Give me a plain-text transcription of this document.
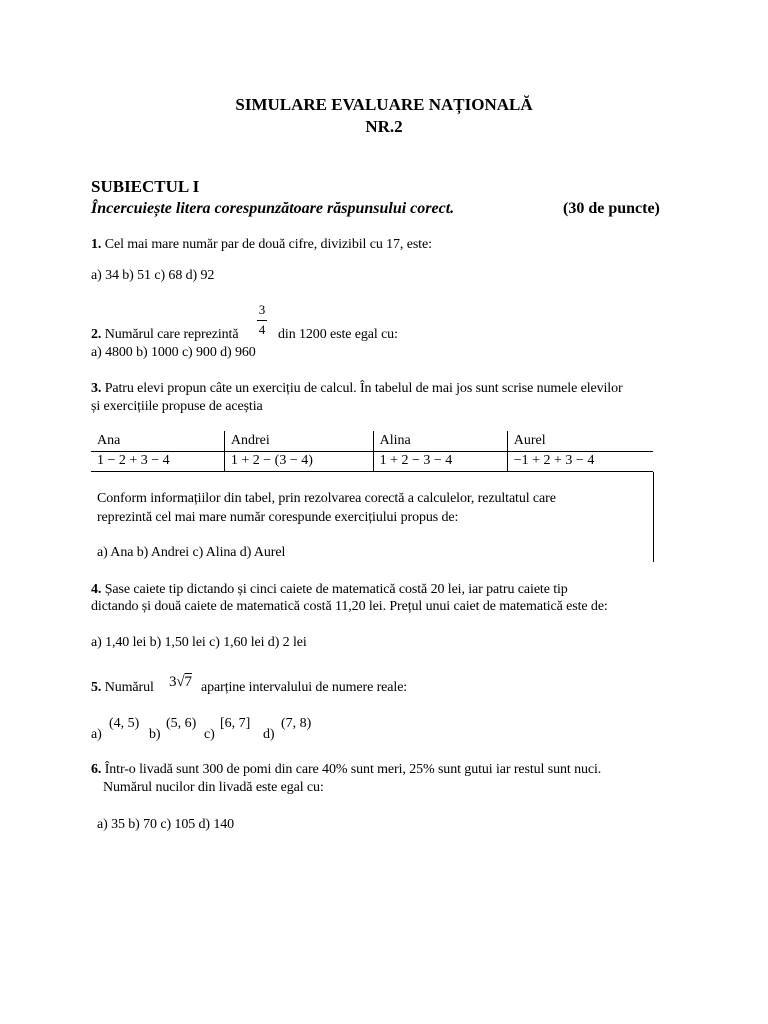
SIMULARE EVALUARE NAȚIONALĂ
NR.2
SUBIECTUL I
Încercuiește litera corespunzătoare răspunsului corect.	(30 de puncte)
1. Cel mai mare număr par de două cifre, divizibil cu 17, este:
a) 34 b) 51 c) 68 d) 92
3
4
2. Numărul care reprezintă	din 1200 este egal cu:
a) 4800 b) 1000 c) 900 d) 960
3. Patru elevi propun câte un exercițiu de calcul. În tabelul de mai jos sunt scrise numele elevilor
și exercițiile propuse de aceștia
Ana	Andrei	Alina	Aurel
1 − 2 + 3 − 4	1 + 2 − (3 − 4)	1 + 2 − 3 − 4	−1 + 2 + 3 − 4
Conform informațiilor din tabel, prin rezolvarea corectă a calculelor, rezultatul care
reprezintă cel mai mare număr corespunde exercițiului propus de:
a) Ana b) Andrei c) Alina d) Aurel
4. Șase caiete tip dictando și cinci caiete de matematică costă 20 lei, iar patru caiete tip
dictando și două caiete de matematică costă 11,20 lei. Prețul unui caiet de matematică este de:
a) 1,40 lei b) 1,50 lei c) 1,60 lei d) 2 lei
5. Numărul 3√7 aparține intervalului de numere reale:
a)
(4, 5)
b)
(5, 6)
c)
[6, 7]
d)
(7, 8)
6. Într-o livadă sunt 300 de pomi din care 40% sunt meri, 25% sunt gutui iar restul sunt nuci.
Numărul nucilor din livadă este egal cu:
a) 35 b) 70 c) 105 d) 140
